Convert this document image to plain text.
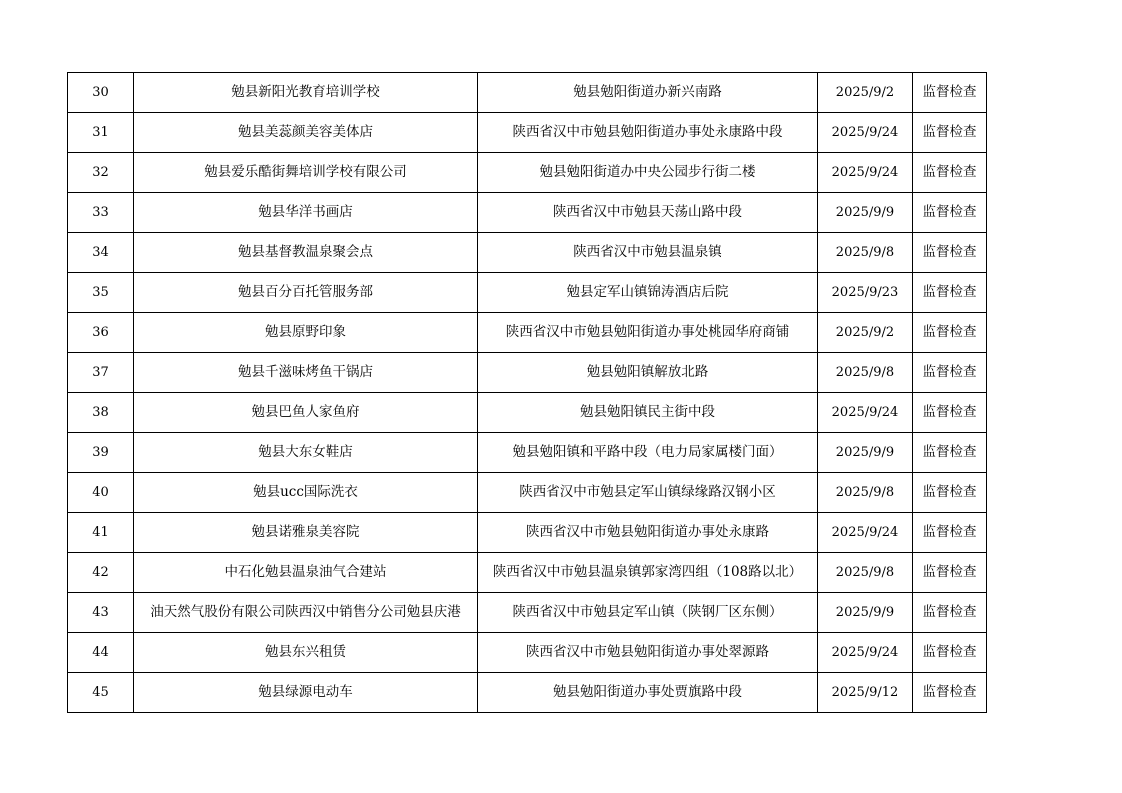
30	勉县新阳光教育培训学校	勉县勉阳街道办新兴南路	2025/9/2	监督检查
31	勉县美蕊颜美容美体店	陕西省汉中市勉县勉阳街道办事处永康路中段	2025/9/24	监督检查
32	勉县爱乐酷街舞培训学校有限公司	勉县勉阳街道办中央公园步行街二楼	2025/9/24	监督检查
33	勉县华洋书画店	陕西省汉中市勉县天荡山路中段	2025/9/9	监督检查
34	勉县基督教温泉聚会点	陕西省汉中市勉县温泉镇	2025/9/8	监督检查
35	勉县百分百托管服务部	勉县定军山镇锦涛酒店后院	2025/9/23	监督检查
36	勉县原野印象	陕西省汉中市勉县勉阳街道办事处桃园华府商铺	2025/9/2	监督检查
37	勉县千滋味烤鱼干锅店	勉县勉阳镇解放北路	2025/9/8	监督检查
38	勉县巴鱼人家鱼府	勉县勉阳镇民主街中段	2025/9/24	监督检查
39	勉县大东女鞋店	勉县勉阳镇和平路中段（电力局家属楼门面）	2025/9/9	监督检查
40	勉县ucc国际洗衣	陕西省汉中市勉县定军山镇绿缘路汉钢小区	2025/9/8	监督检查
41	勉县诺雅泉美容院	陕西省汉中市勉县勉阳街道办事处永康路	2025/9/24	监督检查
42	中石化勉县温泉油气合建站	陕西省汉中市勉县温泉镇郭家湾四组（108路以北）	2025/9/8	监督检查
43	油天然气股份有限公司陕西汉中销售分公司勉县庆港	陕西省汉中市勉县定军山镇（陕钢厂区东侧）	2025/9/9	监督检查
44	勉县东兴租赁	陕西省汉中市勉县勉阳街道办事处翠源路	2025/9/24	监督检查
45	勉县绿源电动车	勉县勉阳街道办事处贾旗路中段	2025/9/12	监督检查
